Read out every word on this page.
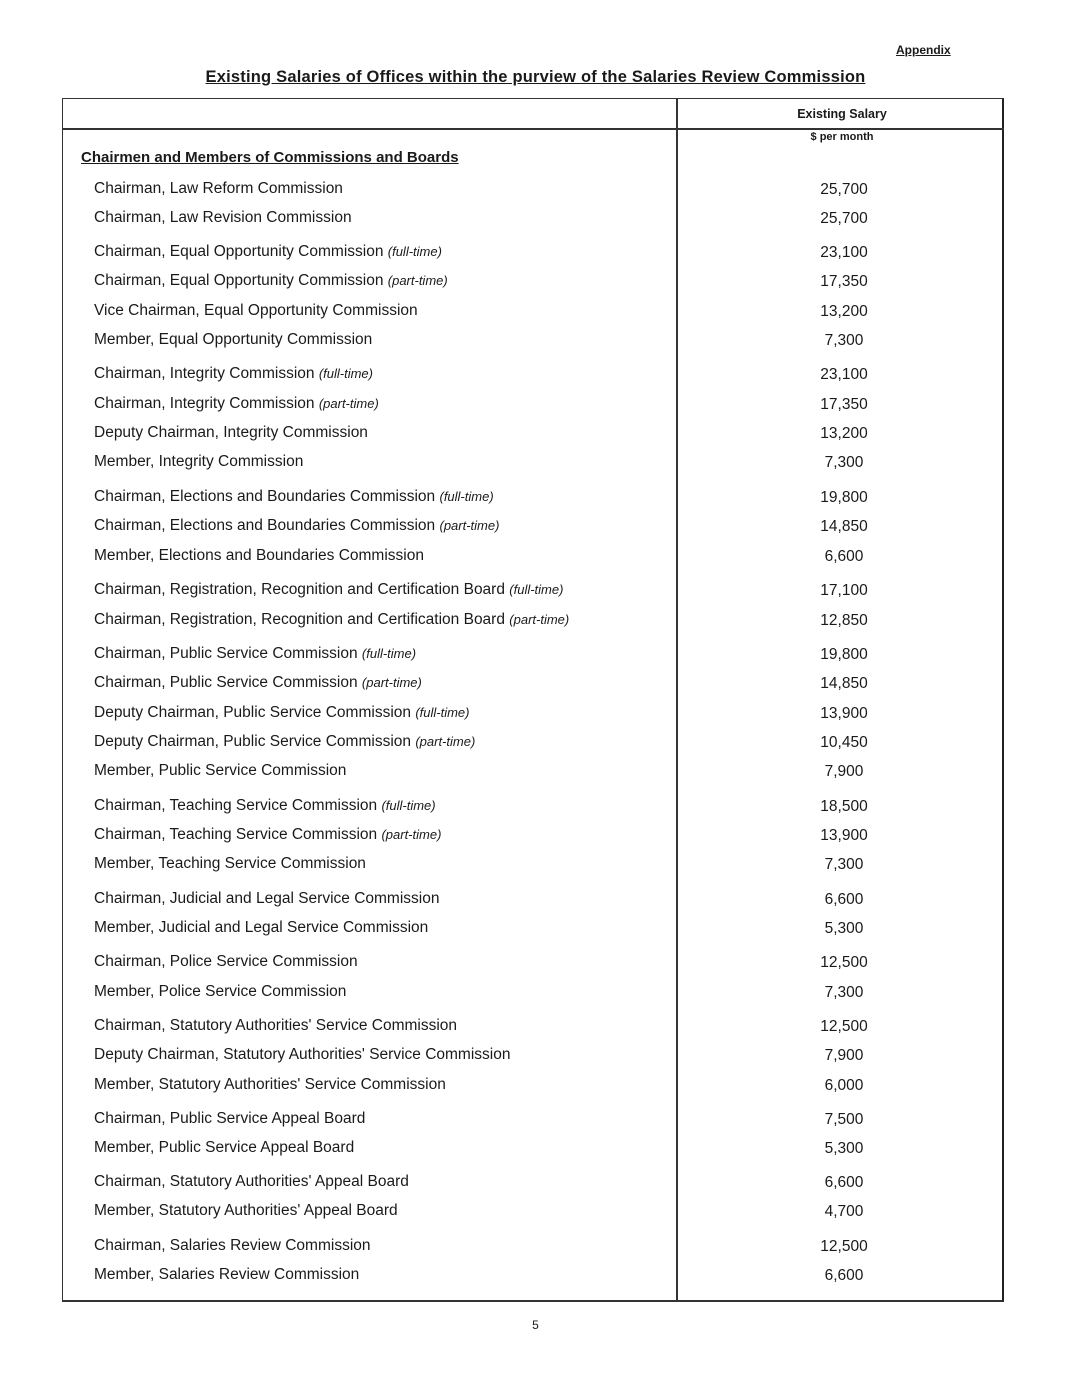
Appendix
Existing Salaries of Offices within the purview of the Salaries Review Commission
Existing Salary
$ per month
Chairmen and Members of Commissions and Boards
Chairman, Law Reform Commission	25,700
Chairman, Law Revision Commission	25,700
Chairman, Equal Opportunity Commission (full-time)	23,100
Chairman, Equal Opportunity Commission (part-time)	17,350
Vice Chairman, Equal Opportunity Commission	13,200
Member, Equal Opportunity Commission	7,300
Chairman, Integrity Commission (full-time)	23,100
Chairman, Integrity Commission (part-time)	17,350
Deputy Chairman, Integrity Commission	13,200
Member, Integrity Commission	7,300
Chairman, Elections and Boundaries Commission (full-time)	19,800
Chairman, Elections and Boundaries Commission (part-time)	14,850
Member, Elections and Boundaries Commission	6,600
Chairman, Registration, Recognition and Certification Board (full-time)	17,100
Chairman, Registration, Recognition and Certification Board (part-time)	12,850
Chairman, Public Service Commission (full-time)	19,800
Chairman, Public Service Commission (part-time)	14,850
Deputy Chairman, Public Service Commission (full-time)	13,900
Deputy Chairman, Public Service Commission (part-time)	10,450
Member, Public Service Commission	7,900
Chairman, Teaching Service Commission (full-time)	18,500
Chairman, Teaching Service Commission (part-time)	13,900
Member, Teaching Service Commission	7,300
Chairman, Judicial and Legal Service Commission	6,600
Member, Judicial and Legal Service Commission	5,300
Chairman, Police Service Commission	12,500
Member, Police Service Commission	7,300
Chairman, Statutory Authorities' Service Commission	12,500
Deputy Chairman, Statutory Authorities' Service Commission	7,900
Member, Statutory Authorities' Service Commission	6,000
Chairman, Public Service Appeal Board	7,500
Member, Public Service Appeal Board	5,300
Chairman, Statutory Authorities' Appeal Board	6,600
Member, Statutory Authorities' Appeal Board	4,700
Chairman, Salaries Review Commission	12,500
Member, Salaries Review Commission	6,600
5
